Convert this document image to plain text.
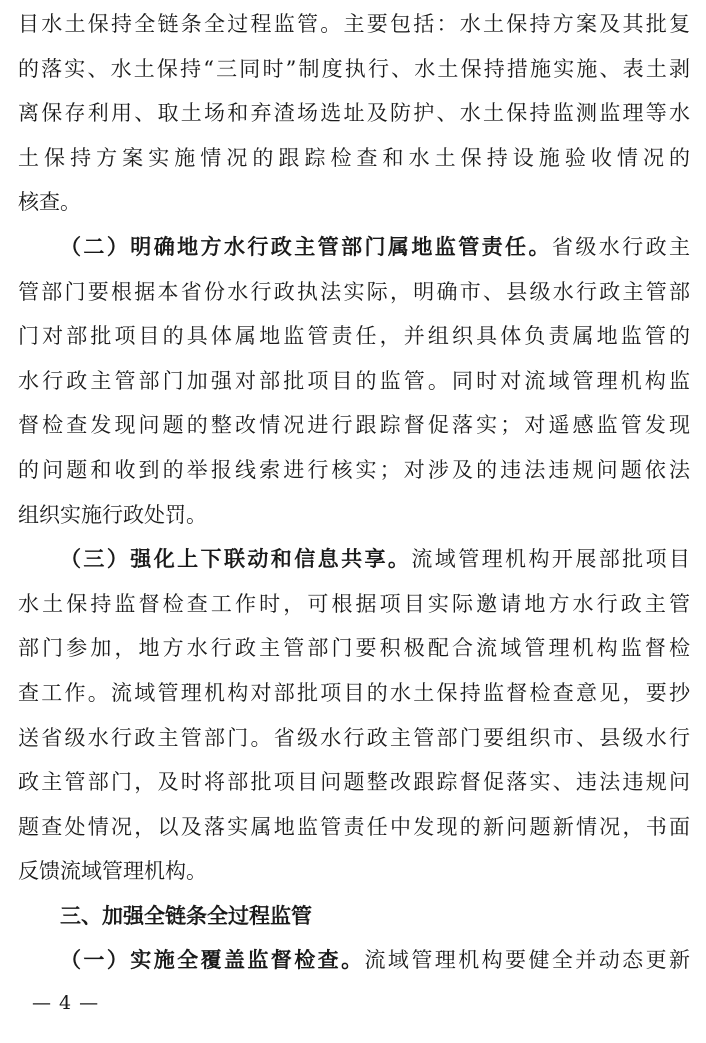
目水土保持全链条全过程监管。主要包括：水土保持方案及其批复
的落实、水土保持“三同时”制度执行、水土保持措施实施、表土剥
离保存利用、取土场和弃渣场选址及防护、水土保持监测监理等水
土保持方案实施情况的跟踪检查和水土保持设施验收情况的
核查。
（二）明确地方水行政主管部门属地监管责任。省级水行政主
管部门要根据本省份水行政执法实际，明确市、县级水行政主管部
门对部批项目的具体属地监管责任，并组织具体负责属地监管的
水行政主管部门加强对部批项目的监管。同时对流域管理机构监
督检查发现问题的整改情况进行跟踪督促落实；对遥感监管发现
的问题和收到的举报线索进行核实；对涉及的违法违规问题依法
组织实施行政处罚。
（三）强化上下联动和信息共享。流域管理机构开展部批项目
水土保持监督检查工作时，可根据项目实际邀请地方水行政主管
部门参加，地方水行政主管部门要积极配合流域管理机构监督检
查工作。流域管理机构对部批项目的水土保持监督检查意见，要抄
送省级水行政主管部门。省级水行政主管部门要组织市、县级水行
政主管部门，及时将部批项目问题整改跟踪督促落实、违法违规问
题查处情况，以及落实属地监管责任中发现的新问题新情况，书面
反馈流域管理机构。
三、加强全链条全过程监管
（一）实施全覆盖监督检查。流域管理机构要健全并动态更新
— 4 —
